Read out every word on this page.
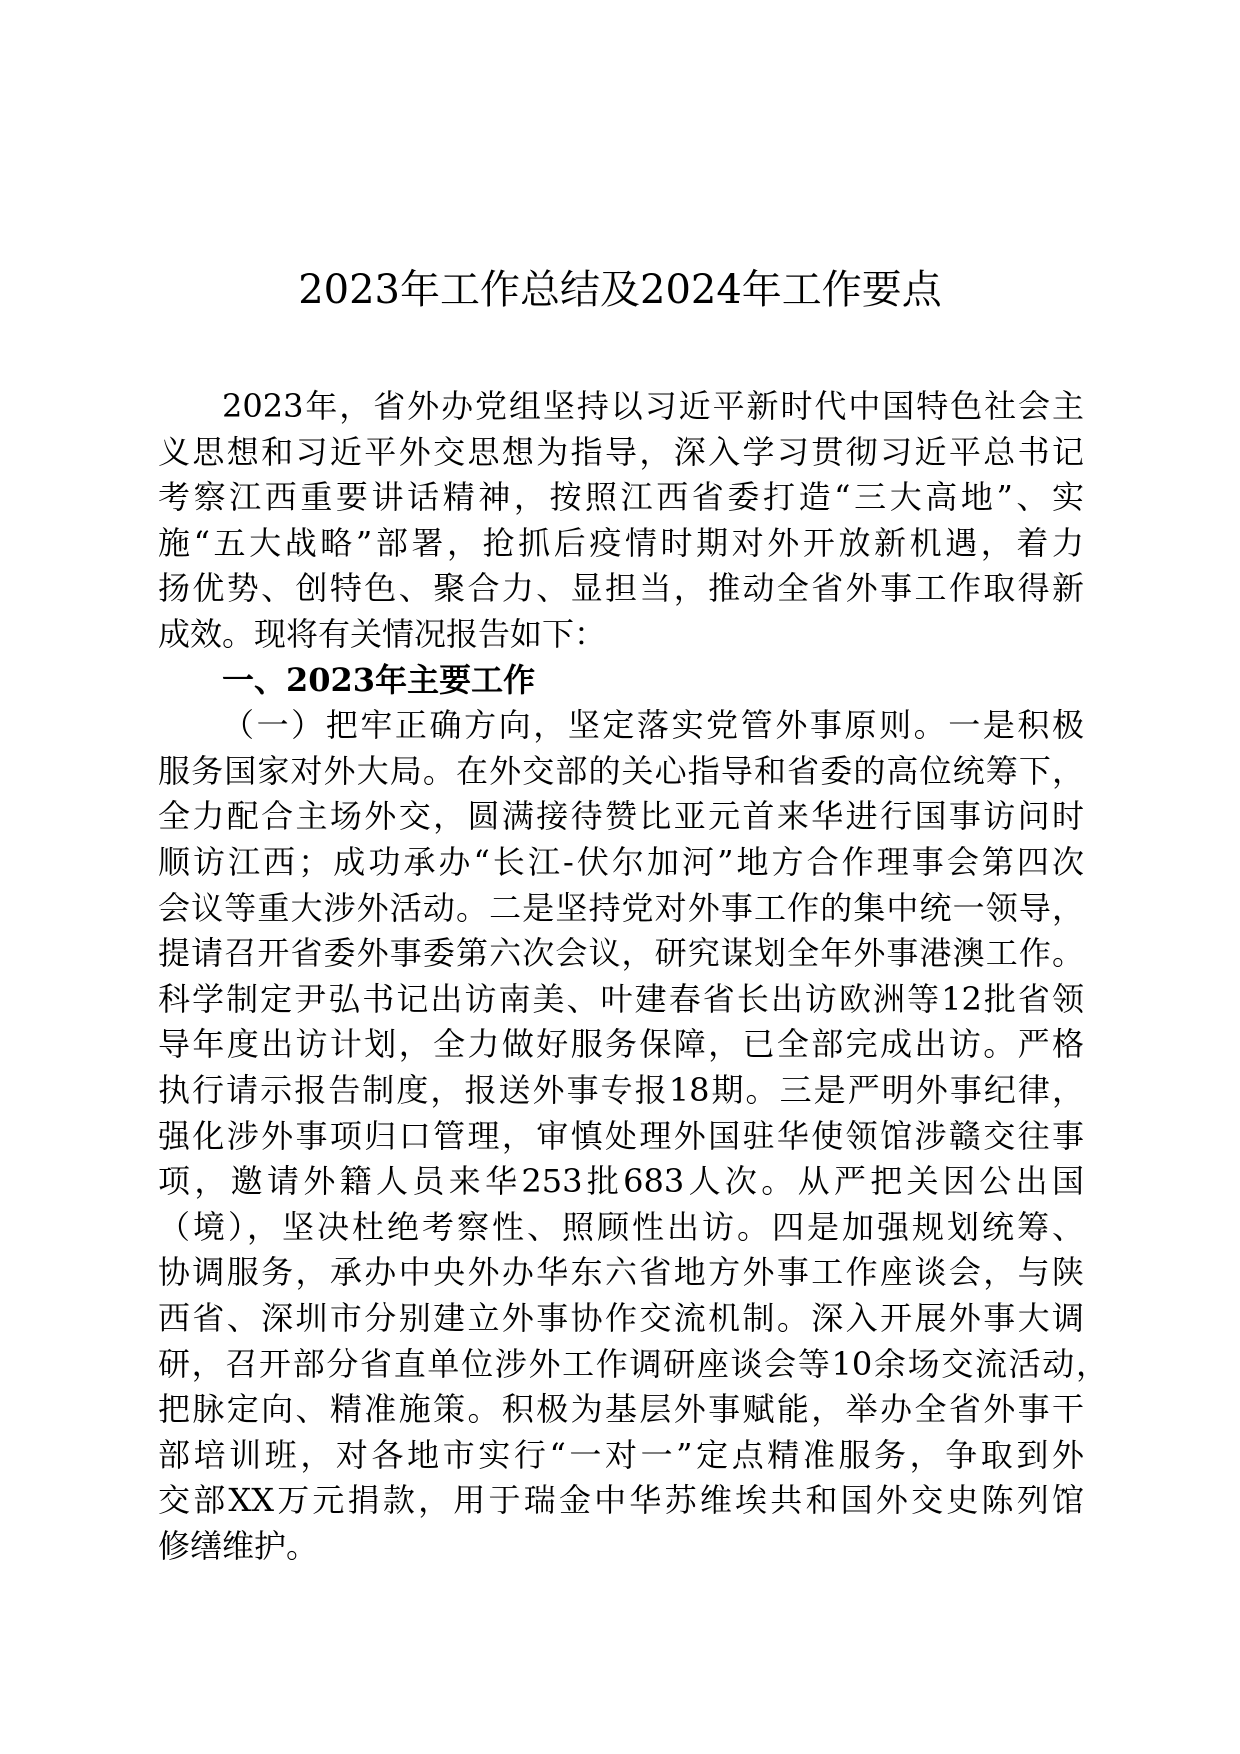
2023年工作总结及2024年工作要点
2023年，省外办党组坚持以习近平新时代中国特色社会主
义思想和习近平外交思想为指导，深入学习贯彻习近平总书记
考察江西重要讲话精神，按照江西省委打造“三大高地”、实
施“五大战略”部署，抢抓后疫情时期对外开放新机遇，着力
扬优势、创特色、聚合力、显担当，推动全省外事工作取得新
成效。现将有关情况报告如下：
一、2023年主要工作
（一）把牢正确方向，坚定落实党管外事原则。一是积极
服务国家对外大局。在外交部的关心指导和省委的高位统筹下，
全力配合主场外交，圆满接待赞比亚元首来华进行国事访问时
顺访江西；成功承办“长江-伏尔加河”地方合作理事会第四次
会议等重大涉外活动。二是坚持党对外事工作的集中统一领导，
提请召开省委外事委第六次会议，研究谋划全年外事港澳工作。
科学制定尹弘书记出访南美、叶建春省长出访欧洲等12批省领
导年度出访计划，全力做好服务保障，已全部完成出访。严格
执行请示报告制度，报送外事专报18期。三是严明外事纪律，
强化涉外事项归口管理，审慎处理外国驻华使领馆涉赣交往事
项，邀请外籍人员来华253批683人次。从严把关因公出国
（境），坚决杜绝考察性、照顾性出访。四是加强规划统筹、
协调服务，承办中央外办华东六省地方外事工作座谈会，与陕
西省、深圳市分别建立外事协作交流机制。深入开展外事大调
研，召开部分省直单位涉外工作调研座谈会等10余场交流活动，
把脉定向、精准施策。积极为基层外事赋能，举办全省外事干
部培训班，对各地市实行“一对一”定点精准服务，争取到外
交部XX万元捐款，用于瑞金中华苏维埃共和国外交史陈列馆
修缮维护。
